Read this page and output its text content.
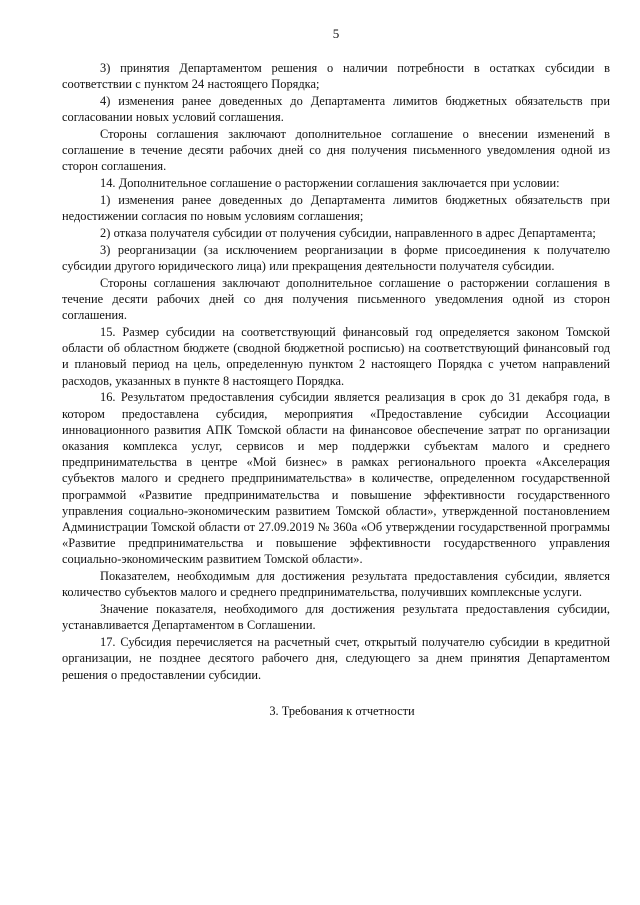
5

3) принятия Департаментом решения о наличии потребности в остатках субсидии в соответствии с пунктом 24 настоящего Порядка;

4) изменения ранее доведенных до Департамента лимитов бюджетных обязательств при согласовании новых условий соглашения.

Стороны соглашения заключают дополнительное соглашение о внесении изменений в соглашение в течение десяти рабочих дней со дня получения письменного уведомления одной из сторон соглашения.

14. Дополнительное соглашение о расторжении соглашения заключается при условии:

1) изменения ранее доведенных до Департамента лимитов бюджетных обязательств при недостижении согласия по новым условиям соглашения;

2) отказа получателя субсидии от получения субсидии, направленного в адрес Департамента;

3) реорганизации (за исключением реорганизации в форме присоединения к получателю субсидии другого юридического лица) или прекращения деятельности получателя субсидии.

Стороны соглашения заключают дополнительное соглашение о расторжении соглашения в течение десяти рабочих дней со дня получения письменного уведомления одной из сторон соглашения.

15. Размер субсидии на соответствующий финансовый год определяется законом Томской области об областном бюджете (сводной бюджетной росписью) на соответствующий финансовый год и плановый период на цель, определенную пунктом 2 настоящего Порядка с учетом направлений расходов, указанных в пункте 8 настоящего Порядка.

16. Результатом предоставления субсидии является реализация в срок до 31 декабря года, в котором предоставлена субсидия, мероприятия «Предоставление субсидии Ассоциации инновационного развития АПК Томской области на финансовое обеспечение затрат по организации оказания комплекса услуг, сервисов и мер поддержки субъектам малого и среднего предпринимательства в центре «Мой бизнес» в рамках регионального проекта «Акселерация субъектов малого и среднего предпринимательства» в количестве, определенном государственной программой «Развитие предпринимательства и повышение эффективности государственного управления социально-экономическим развитием Томской области», утвержденной постановлением Администрации Томской области от 27.09.2019 № 360а «Об утверждении государственной программы «Развитие предпринимательства и повышение эффективности государственного управления социально-экономическим развитием Томской области».

Показателем, необходимым для достижения результата предоставления субсидии, является количество субъектов малого и среднего предпринимательства, получивших комплексные услуги.

Значение показателя, необходимого для достижения результата предоставления субсидии, устанавливается Департаментом в Соглашении.

17. Субсидия перечисляется на расчетный счет, открытый получателю субсидии в кредитной организации, не позднее десятого рабочего дня, следующего за днем принятия Департаментом решения о предоставлении субсидии.

3. Требования к отчетности
